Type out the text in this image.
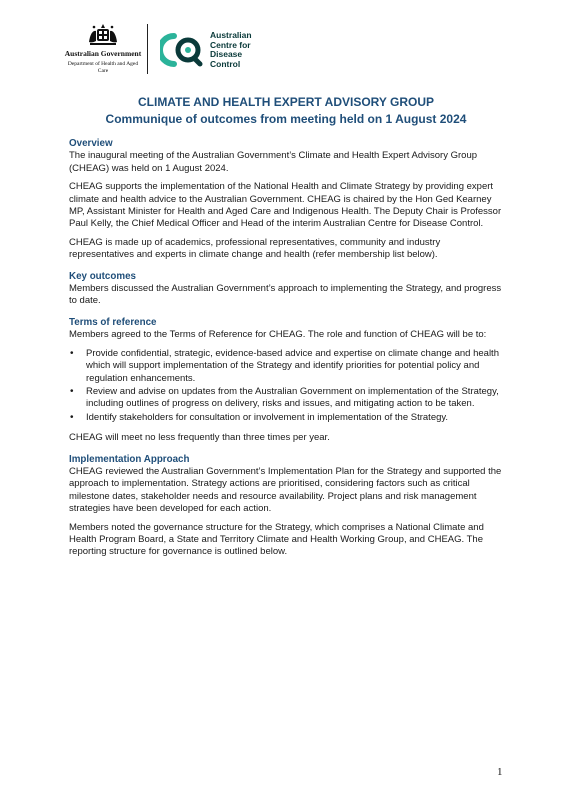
Australian Government
Department of Health and Aged Care
Australian
Centre for
Disease
Control
CLIMATE AND HEALTH EXPERT ADVISORY GROUP
Communique of outcomes from meeting held on 1 August 2024

Overview

The inaugural meeting of the Australian Government’s Climate and Health Expert Advisory Group (CHEAG) was held on 1 August 2024.

CHEAG supports the implementation of the National Health and Climate Strategy by providing expert climate and health advice to the Australian Government. CHEAG is chaired by the Hon Ged Kearney MP, Assistant Minister for Health and Aged Care and Indigenous Health. The Deputy Chair is Professor Paul Kelly, the Chief Medical Officer and Head of the interim Australian Centre for Disease Control.

CHEAG is made up of academics, professional representatives, community and industry representatives and experts in climate change and health (refer membership list below).

Key outcomes

Members discussed the Australian Government’s approach to implementing the Strategy, and progress to date.

Terms of reference

Members agreed to the Terms of Reference for CHEAG. The role and function of CHEAG will be to:

• Provide confidential, strategic, evidence-based advice and expertise on climate change and health which will support implementation of the Strategy and identify priorities for potential policy and regulation enhancements.
• Review and advise on updates from the Australian Government on implementation of the Strategy, including outlines of progress on delivery, risks and issues, and mitigating action to be taken.
• Identify stakeholders for consultation or involvement in implementation of the Strategy.

CHEAG will meet no less frequently than three times per year.

Implementation Approach

CHEAG reviewed the Australian Government’s Implementation Plan for the Strategy and supported the approach to implementation. Strategy actions are prioritised, considering factors such as critical milestone dates, stakeholder needs and resource availability. Project plans and risk management strategies have been developed for each action.

Members noted the governance structure for the Strategy, which comprises a National Climate and Health Program Board, a State and Territory Climate and Health Working Group, and CHEAG. The reporting structure for governance is outlined below.

1
